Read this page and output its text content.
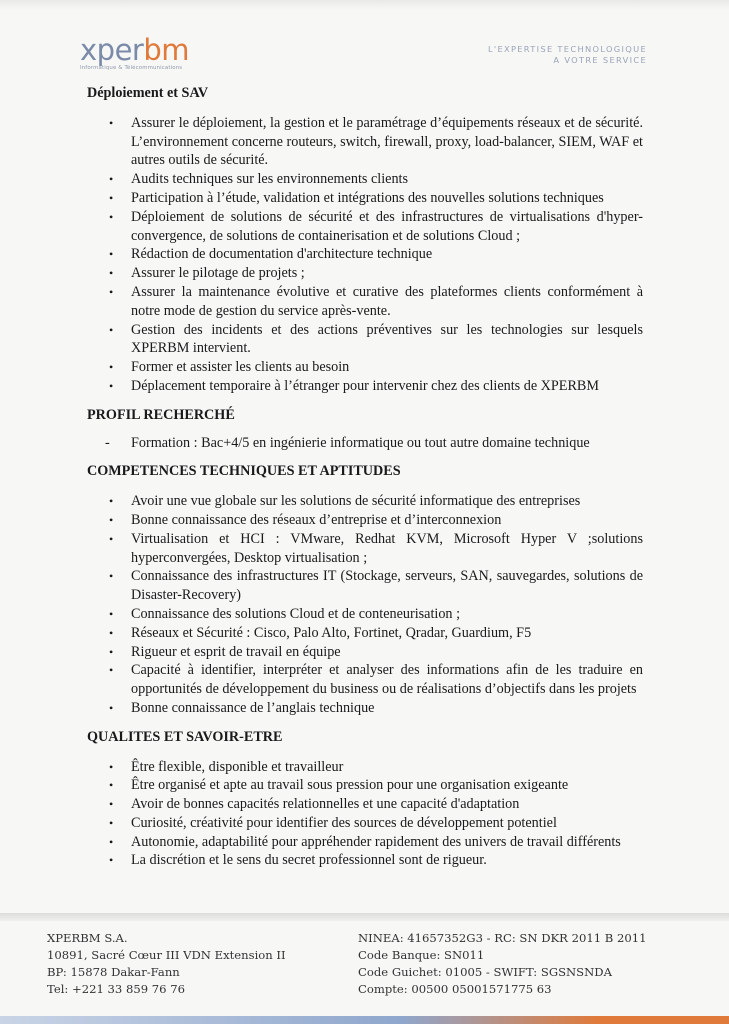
xperbm
Informatique & Télécommunications
L'EXPERTISE TECHNOLOGIQUE
A VOTRE SERVICE
Déploiement et SAV
• Assurer le déploiement, la gestion et le paramétrage d’équipements réseaux et de sécurité. L’environnement concerne routeurs, switch, firewall, proxy, load-balancer, SIEM, WAF et autres outils de sécurité.
• Audits techniques sur les environnements clients
• Participation à l’étude, validation et intégrations des nouvelles solutions techniques
• Déploiement de solutions de sécurité et des infrastructures de virtualisations d'hyper-convergence, de solutions de containerisation et de solutions Cloud ;
• Rédaction de documentation d'architecture technique
• Assurer le pilotage de projets ;
• Assurer la maintenance évolutive et curative des plateformes clients conformément à notre mode de gestion du service après-vente.
• Gestion des incidents et des actions préventives sur les technologies sur lesquels XPERBM intervient.
• Former et assister les clients au besoin
• Déplacement temporaire à l’étranger pour intervenir chez des clients de XPERBM
PROFIL RECHERCHÉ
- Formation : Bac+4/5 en ingénierie informatique ou tout autre domaine technique
COMPETENCES TECHNIQUES ET APTITUDES
• Avoir une vue globale sur les solutions de sécurité informatique des entreprises
• Bonne connaissance des réseaux d’entreprise et d’interconnexion
• Virtualisation et HCI : VMware, Redhat KVM, Microsoft Hyper V ;solutions hyperconvergées, Desktop virtualisation ;
• Connaissance des infrastructures IT (Stockage, serveurs, SAN, sauvegardes, solutions de Disaster-Recovery)
• Connaissance des solutions Cloud et de conteneurisation ;
• Réseaux et Sécurité : Cisco, Palo Alto, Fortinet, Qradar, Guardium, F5
• Rigueur et esprit de travail en équipe
• Capacité à identifier, interpréter et analyser des informations afin de les traduire en opportunités de développement du business ou de réalisations d’objectifs dans les projets
• Bonne connaissance de l’anglais technique
QUALITES ET SAVOIR-ETRE
• Être flexible, disponible et travailleur
• Être organisé et apte au travail sous pression pour une organisation exigeante
• Avoir de bonnes capacités relationnelles et une capacité d'adaptation
• Curiosité, créativité pour identifier des sources de développement potentiel
• Autonomie, adaptabilité pour appréhender rapidement des univers de travail différents
• La discrétion et le sens du secret professionnel sont de rigueur.
XPERBM S.A.
10891, Sacré Cœur III VDN Extension II
BP: 15878 Dakar-Fann
Tel: +221 33 859 76 76
NINEA: 41657352G3 - RC: SN DKR 2011 B 2011
Code Banque: SN011
Code Guichet: 01005 - SWIFT: SGSNSNDA
Compte: 00500 05001571775 63
